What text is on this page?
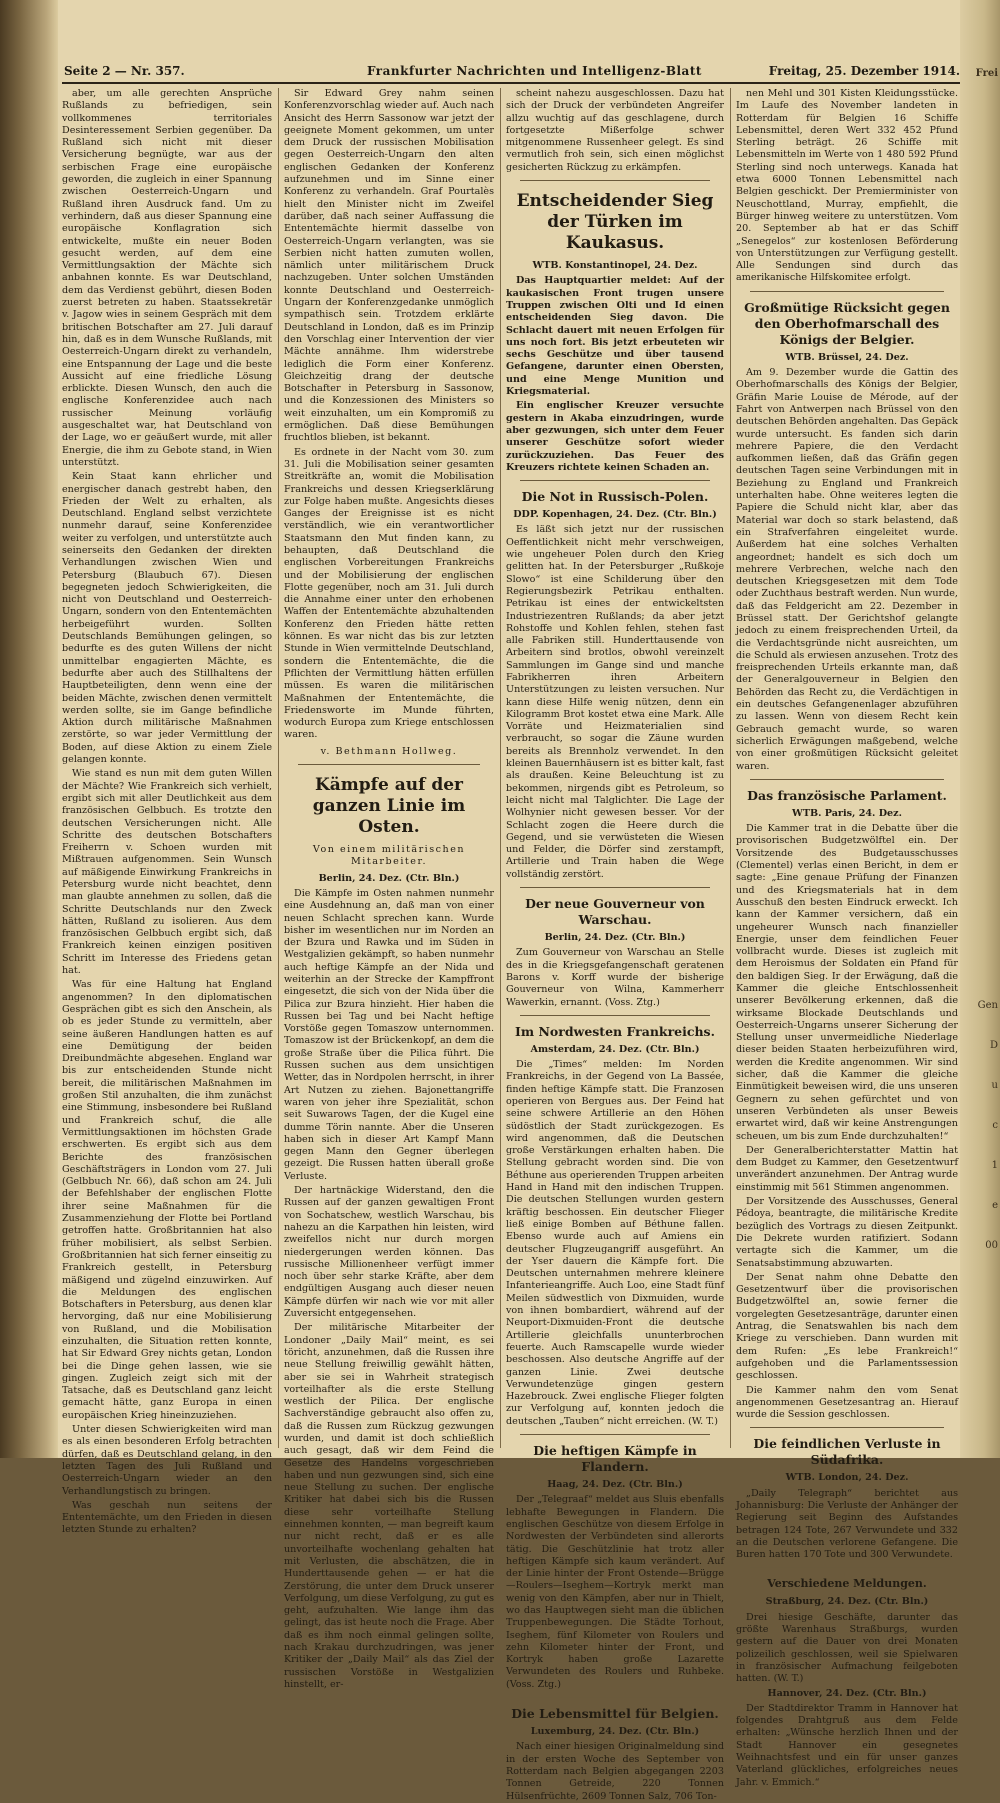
Frei
Gen
D
u
c
1
e
00
Seite 2 — Nr. 357.	Frankfurter Nachrichten und Intelligenz-Blatt	Freitag, 25. Dezember 1914.

aber, um alle gerechten Ansprüche Rußlands zu befriedigen, sein vollkommenes territoriales Desinteressement Serbien gegenüber. Da Rußland sich nicht mit dieser Versicherung begnügte, war aus der serbischen Frage eine europäische geworden, die zugleich in einer Spannung zwischen Oesterreich-Ungarn und Rußland ihren Ausdruck fand. Um zu verhindern, daß aus dieser Spannung eine europäische Konflagration sich entwickelte, mußte ein neuer Boden gesucht werden, auf dem eine Vermittlungsaktion der Mächte sich anbahnen konnte. Es war Deutschland, dem das Verdienst gebührt, diesen Boden zuerst betreten zu haben. Staatssekretär v. Jagow wies in seinem Gespräch mit dem britischen Botschafter am 27. Juli darauf hin, daß es in dem Wunsche Rußlands, mit Oesterreich-Ungarn direkt zu verhandeln, eine Entspannung der Lage und die beste Aussicht auf eine friedliche Lösung erblickte. Diesen Wunsch, den auch die englische Konferenzidee auch nach russischer Meinung vorläufig ausgeschaltet war, hat Deutschland von der Lage, wo er geäußert wurde, mit aller Energie, die ihm zu Gebote stand, in Wien unterstützt.

Kein Staat kann ehrlicher und energischer danach gestrebt haben, den Frieden der Welt zu erhalten, als Deutschland. England selbst verzichtete nunmehr darauf, seine Konferenzidee weiter zu verfolgen, und unterstützte auch seinerseits den Gedanken der direkten Verhandlungen zwischen Wien und Petersburg (Blaubuch 67). Diesen begegneten jedoch Schwierigkeiten, die nicht von Deutschland und Oesterreich-Ungarn, sondern von den Ententemächten herbeigeführt wurden. Sollten Deutschlands Bemühungen gelingen, so bedurfte es des guten Willens der nicht unmittelbar engagierten Mächte, es bedurfte aber auch des Stillhaltens der Hauptbeteiligten, denn wenn eine der beiden Mächte, zwischen denen vermittelt werden sollte, sie im Gange befindliche Aktion durch militärische Maßnahmen zerstörte, so war jeder Vermittlung der Boden, auf diese Aktion zu einem Ziele gelangen konnte.

Wie stand es nun mit dem guten Willen der Mächte? Wie Frankreich sich verhielt, ergibt sich mit aller Deutlichkeit aus dem französischen Gelbbuch. Es trotzte den deutschen Versicherungen nicht. Alle Schritte des deutschen Botschafters Freiherrn v. Schoen wurden mit Mißtrauen aufgenommen. Sein Wunsch auf mäßigende Einwirkung Frankreichs in Petersburg wurde nicht beachtet, denn man glaubte annehmen zu sollen, daß die Schritte Deutschlands nur den Zweck hätten, Rußland zu isolieren. Aus dem französischen Gelbbuch ergibt sich, daß Frankreich keinen einzigen positiven Schritt im Interesse des Friedens getan hat.

Was für eine Haltung hat England angenommen? In den diplomatischen Gesprächen gibt es sich den Anschein, als ob es jeder Stunde zu vermitteln, aber seine äußeren Handlungen hatten es auf eine Demütigung der beiden Dreibundmächte abgesehen. England war bis zur entscheidenden Stunde nicht bereit, die militärischen Maßnahmen im großen Stil anzuhalten, die ihm zunächst eine Stimmung, insbesondere bei Rußland und Frankreich schuf, die alle Vermittlungsaktionen im höchsten Grade erschwerten. Es ergibt sich aus dem Berichte des französischen Geschäftsträgers in London vom 27. Juli (Gelbbuch Nr. 66), daß schon am 24. Juli der Befehlshaber der englischen Flotte ihrer seine Maßnahmen für die Zusammenziehung der Flotte bei Portland getroffen hatte. Großbritannien hat also früher mobilisiert, als selbst Serbien. Großbritannien hat sich ferner einseitig zu Frankreich gestellt, in Petersburg mäßigend und zügelnd einzuwirken. Auf die Meldungen des englischen Botschafters in Petersburg, aus denen klar hervorging, daß nur eine Mobilisierung von Rußland, und die Mobilisation einzuhalten, die Situation retten konnte, hat Sir Edward Grey nichts getan, London bei die Dinge gehen lassen, wie sie gingen. Zugleich zeigt sich mit der Tatsache, daß es Deutschland ganz leicht gemacht hätte, ganz Europa in einen europäischen Krieg hineinzuziehen.

Unter diesen Schwierigkeiten wird man es als einen besonderen Erfolg betrachten dürfen, daß es Deutschland gelang, in den letzten Tagen des Juli Rußland und Oesterreich-Ungarn wieder an den Verhandlungstisch zu bringen.

Was geschah nun seitens der Ententemächte, um den Frieden in diesen letzten Stunde zu erhalten?

Sir Edward Grey nahm seinen Konferenzvorschlag wieder auf. Auch nach Ansicht des Herrn Sassonow war jetzt der geeignete Moment gekommen, um unter dem Druck der russischen Mobilisation gegen Oesterreich-Ungarn den alten englischen Gedanken der Konferenz aufzunehmen und im Sinne einer Konferenz zu verhandeln. Graf Pourtalès hielt den Minister nicht im Zweifel darüber, daß nach seiner Auffassung die Ententemächte hiermit dasselbe von Oesterreich-Ungarn verlangten, was sie Serbien nicht hatten zumuten wollen, nämlich unter militärischem Druck nachzugeben. Unter solchen Umständen konnte Deutschland und Oesterreich-Ungarn der Konferenzgedanke unmöglich sympathisch sein. Trotzdem erklärte Deutschland in London, daß es im Prinzip den Vorschlag einer Intervention der vier Mächte annähme. Ihm widerstrebe lediglich die Form einer Konferenz. Gleichzeitig drang der deutsche Botschafter in Petersburg in Sassonow, und die Konzessionen des Ministers so weit einzuhalten, um ein Kompromiß zu ermöglichen. Daß diese Bemühungen fruchtlos blieben, ist bekannt.

Es ordnete in der Nacht vom 30. zum 31. Juli die Mobilisation seiner gesamten Streitkräfte an, womit die Mobilisation Frankreichs und dessen Kriegserklärung zur Folge haben mußte. Angesichts dieses Ganges der Ereignisse ist es nicht verständlich, wie ein verantwortlicher Staatsmann den Mut finden kann, zu behaupten, daß Deutschland die englischen Vorbereitungen Frankreichs und der Mobilisierung der englischen Flotte gegenüber, noch am 31. Juli durch die Annahme einer unter den erhobenen Waffen der Ententemächte abzuhaltenden Konferenz den Frieden hätte retten können. Es war nicht das bis zur letzten Stunde in Wien vermittelnde Deutschland, sondern die Ententemächte, die die Pflichten der Vermittlung hätten erfüllen müssen. Es waren die militärischen Maßnahmen der Ententemächte, die Friedensworte im Munde führten, wodurch Europa zum Kriege entschlossen waren.

v. Bethmann Hollweg.

Kämpfe auf der ganzen Linie im Osten.

Von einem militärischen Mitarbeiter.

Berlin, 24. Dez. (Ctr. Bln.)

Die Kämpfe im Osten nahmen nunmehr eine Ausdehnung an, daß man von einer neuen Schlacht sprechen kann. Wurde bisher im wesentlichen nur im Norden an der Bzura und Rawka und im Süden in Westgalizien gekämpft, so haben nunmehr auch heftige Kämpfe an der Nida und weiterhin an der Strecke der Kampffront eingesetzt, die sich von der Nida über die Pilica zur Bzura hinzieht. Hier haben die Russen bei Tag und bei Nacht heftige Vorstöße gegen Tomaszow unternommen. Tomaszow ist der Brückenkopf, an dem die große Straße über die Pilica führt. Die Russen suchen aus dem unsichtigen Wetter, das in Nordpolen herrscht, in ihrer Art Nutzen zu ziehen. Bajonettangriffe waren von jeher ihre Spezialität, schon seit Suwarows Tagen, der die Kugel eine dumme Törin nannte. Aber die Unseren haben sich in dieser Art Kampf Mann gegen Mann den Gegner überlegen gezeigt. Die Russen hatten überall große Verluste.

Der hartnäckige Widerstand, den die Russen auf der ganzen gewaltigen Front von Sochatschew, westlich Warschau, bis nahezu an die Karpathen hin leisten, wird zweifellos nicht nur durch morgen niedergerungen werden können. Das russische Millionenheer verfügt immer noch über sehr starke Kräfte, aber dem endgültigen Ausgang auch dieser neuen Kämpfe dürfen wir nach wie vor mit aller Zuversicht entgegensehen.

Der militärische Mitarbeiter der Londoner „Daily Mail“ meint, es sei töricht, anzunehmen, daß die Russen ihre neue Stellung freiwillig gewählt hätten, aber sie sei in Wahrheit strategisch vorteilhafter als die erste Stellung westlich der Pilica. Der englische Sachverständige gebraucht also offen zu, daß die Russen zum Rückzug gezwungen wurden, und damit ist doch schließlich auch gesagt, daß wir dem Feind die Gesetze des Handelns vorgeschrieben haben und nun gezwungen sind, sich eine neue Stellung zu suchen. Der englische Kritiker hat dabei sich bis die Russen diese sehr vorteilhafte Stellung einnehmen konnten, — man begreift kaum nur nicht recht, daß er es alle unvorteilhafte wochenlang gehalten hat mit Verlusten, die abschätzen, die in Hunderttausende gehen — er hat die Zerstörung, die unter dem Druck unserer Verfolgung, um diese Verfolgung, zu gut es geht, aufzuhalten. Wie lange ihm das gelingt, das ist heute noch die Frage. Aber daß es ihm noch einmal gelingen sollte, nach Krakau durchzudringen, was jener Kritiker der „Daily Mail“ als das Ziel der russischen Vorstöße in Westgalizien hinstellt, er-

scheint nahezu ausgeschlossen. Dazu hat sich der Druck der verbündeten Angreifer allzu wuchtig auf das geschlagene, durch fortgesetzte Mißerfolge schwer mitgenommene Russenheer gelegt. Es sind vermutlich froh sein, sich einen möglichst gesicherten Rückzug zu erkämpfen.

Entscheidender Sieg der Türken im Kaukasus.

WTB. Konstantinopel, 24. Dez.

Das Hauptquartier meldet: Auf der kaukasischen Front trugen unsere Truppen zwischen Olti und Id einen entscheidenden Sieg davon. Die Schlacht dauert mit neuen Erfolgen für uns noch fort. Bis jetzt erbeuteten wir sechs Geschütze und über tausend Gefangene, darunter einen Obersten, und eine Menge Munition und Kriegsmaterial.

Ein englischer Kreuzer versuchte gestern in Akaba einzudringen, wurde aber gezwungen, sich unter dem Feuer unserer Geschütze sofort wieder zurückzuziehen. Das Feuer des Kreuzers richtete keinen Schaden an.

Die Not in Russisch-Polen.

DDP. Kopenhagen, 24. Dez. (Ctr. Bln.)

Es läßt sich jetzt nur der russischen Oeffentlichkeit nicht mehr verschweigen, wie ungeheuer Polen durch den Krieg gelitten hat. In der Petersburger „Rußkoje Slowo“ ist eine Schilderung über den Regierungsbezirk Petrikau enthalten. Petrikau ist eines der entwickeltsten Industriezentren Rußlands; da aber jetzt Rohstoffe und Kohlen fehlen, stehen fast alle Fabriken still. Hunderttausende von Arbeitern sind brotlos, obwohl vereinzelt Sammlungen im Gange sind und manche Fabrikherren ihren Arbeitern Unterstützungen zu leisten versuchen. Nur kann diese Hilfe wenig nützen, denn ein Kilogramm Brot kostet etwa eine Mark. Alle Vorräte und Heizmaterialien sind verbraucht, so sogar die Zäune wurden bereits als Brennholz verwendet. In den kleinen Bauernhäusern ist es bitter kalt, fast als draußen. Keine Beleuchtung ist zu bekommen, nirgends gibt es Petroleum, so leicht nicht mal Talglichter. Die Lage der Wolhynier nicht gewesen besser. Vor der Schlacht zogen die Heere durch die Gegend, und sie verwüsteten die Wiesen und Felder, die Dörfer sind zerstampft, Artillerie und Train haben die Wege vollständig zerstört.

Der neue Gouverneur von Warschau.

Berlin, 24. Dez. (Ctr. Bln.)

Zum Gouverneur von Warschau an Stelle des in die Kriegsgefangenschaft geratenen Barons v. Korff wurde der bisherige Gouverneur von Wilna, Kammerherr Wawerkin, ernannt. (Voss. Ztg.)

Im Nordwesten Frankreichs.

Amsterdam, 24. Dez. (Ctr. Bln.)

Die „Times“ melden: Im Norden Frankreichs, in der Gegend von La Bassée, finden heftige Kämpfe statt. Die Franzosen operieren von Bergues aus. Der Feind hat seine schwere Artillerie an den Höhen südöstlich der Stadt zurückgezogen. Es wird angenommen, daß die Deutschen große Verstärkungen erhalten haben. Die Stellung gebracht worden sind. Die von Béthune aus operierenden Truppen arbeiten Hand in Hand mit den indischen Truppen. Die deutschen Stellungen wurden gestern kräftig beschossen. Ein deutscher Flieger ließ einige Bomben auf Béthune fallen. Ebenso wurde auch auf Amiens ein deutscher Flugzeugangriff ausgeführt. An der Yser dauern die Kämpfe fort. Die Deutschen unternahmen mehrere kleinere Infanterieangriffe. Auch Loo, eine Stadt fünf Meilen südwestlich von Dixmuiden, wurde von ihnen bombardiert, während auf der Neuport-Dixmuiden-Front die deutsche Artillerie gleichfalls ununterbrochen feuerte. Auch Ramscapelle wurde wieder beschossen. Also deutsche Angriffe auf der ganzen Linie. Zwei deutsche Verwundetenzüge gingen gestern Hazebrouck. Zwei englische Flieger folgten zur Verfolgung auf, konnten jedoch die deutschen „Tauben“ nicht erreichen. (W. T.)

Die heftigen Kämpfe in Flandern.

Haag, 24. Dez. (Ctr. Bln.)

Der „Telegraaf“ meldet aus Sluis ebenfalls lebhafte Bewegungen in Flandern. Die englischen Geschütze von diesem Erfolge in Nordwesten der Verbündeten sind allerorts tätig. Die Geschützlinie hat trotz aller heftigen Kämpfe sich kaum verändert. Auf der Linie hinter der Front Ostende—Brügge—Roulers—Iseghem—Kortryk merkt man wenig von den Kämpfen, aber nur in Thielt, wo das Hauptwegen sieht man die üblichen Truppenbewegungen. Die Städte Torhout, Iseghem, fünf Kilometer von Roulers und zehn Kilometer hinter der Front, und Kortryk haben große Lazarette Verwundeten des Roulers und Ruhbeke. (Voss. Ztg.)

Die Lebensmittel für Belgien.

Luxemburg, 24. Dez. (Ctr. Bln.)

Nach einer hiesigen Originalmeldung sind in der ersten Woche des September von Rotterdam nach Belgien abgegangen 2203 Tonnen Getreide, 220 Tonnen Hülsenfrüchte, 2609 Tonnen Salz, 706 Ton-

nen Mehl und 301 Kisten Kleidungsstücke. Im Laufe des November landeten in Rotterdam für Belgien 16 Schiffe Lebensmittel, deren Wert 332 452 Pfund Sterling beträgt. 26 Schiffe mit Lebensmitteln im Werte von 1 480 592 Pfund Sterling sind noch unterwegs. Kanada hat etwa 6000 Tonnen Lebensmittel nach Belgien geschickt. Der Premierminister von Neuschottland, Murray, empfiehlt, die Bürger hinweg weitere zu unterstützen. Vom 20. September ab hat er das Schiff „Senegelos“ zur kostenlosen Beförderung von Unterstützungen zur Verfügung gestellt. Alle Sendungen sind durch das amerikanische Hilfskomitee erfolgt.

Großmütige Rücksicht gegen den Oberhofmarschall des Königs der Belgier.

WTB. Brüssel, 24. Dez.

Am 9. Dezember wurde die Gattin des Oberhofmarschalls des Königs der Belgier, Gräfin Marie Louise de Mérode, auf der Fahrt von Antwerpen nach Brüssel von den deutschen Behörden angehalten. Das Gepäck wurde untersucht. Es fanden sich darin mehrere Papiere, die den Verdacht aufkommen ließen, daß das Gräfin gegen deutschen Tagen seine Verbindungen mit in Beziehung zu England und Frankreich unterhalten habe. Ohne weiteres legten die Papiere die Schuld nicht klar, aber das Material war doch so stark belastend, daß ein Strafverfahren eingeleitet wurde. Außerdem hat eine solches Verhalten angeordnet; handelt es sich doch um mehrere Verbrechen, welche nach den deutschen Kriegsgesetzen mit dem Tode oder Zuchthaus bestraft werden. Nun wurde, daß das Feldgericht am 22. Dezember in Brüssel statt. Der Gerichtshof gelangte jedoch zu einem freisprechenden Urteil, da die Verdachtsgründe nicht ausreichten, um die Schuld als erwiesen anzusehen. Trotz des freisprechenden Urteils erkannte man, daß der Generalgouverneur in Belgien den Behörden das Recht zu, die Verdächtigen in ein deutsches Gefangenenlager abzuführen zu lassen. Wenn von diesem Recht kein Gebrauch gemacht wurde, so waren sicherlich Erwägungen maßgebend, welche von einer großmütigen Rücksicht geleitet waren.

Das französische Parlament.

WTB. Paris, 24. Dez.

Die Kammer trat in die Debatte über die provisorischen Budgetzwölftel ein. Der Vorsitzende des Budgetausschusses (Clementel) verlas einen Bericht, in dem er sagte: „Eine genaue Prüfung der Finanzen und des Kriegsmaterials hat in dem Ausschuß den besten Eindruck erweckt. Ich kann der Kammer versichern, daß ein ungeheurer Wunsch nach finanzieller Energie, unser dem feindlichen Feuer vollbracht wurde. Dieses ist zugleich mit dem Heroismus der Soldaten ein Pfand für den baldigen Sieg. Ir der Erwägung, daß die Kammer die gleiche Entschlossenheit unserer Bevölkerung erkennen, daß die wirksame Blockade Deutschlands und Oesterreich-Ungarns unserer Sicherung der Stellung unser unvermeidliche Niederlage dieser beiden Staaten herbeizuführen wird, werden die Kredite angenommen. Wir sind sicher, daß die Kammer die gleiche Einmütigkeit beweisen wird, die uns unseren Gegnern zu sehen gefürchtet und von unseren Verbündeten als unser Beweis erwartet wird, daß wir keine Anstrengungen scheuen, um bis zum Ende durchzuhalten!“

Der Generalberichterstatter Mattin hat dem Budget zu Kammer, den Gesetzentwurf unverändert anzunehmen. Der Antrag wurde einstimmig mit 561 Stimmen angenommen.

Der Vorsitzende des Ausschusses, General Pédoya, beantragte, die militärische Kredite bezüglich des Vortrags zu diesen Zeitpunkt. Die Dekrete wurden ratifiziert. Sodann vertagte sich die Kammer, um die Senatsabstimmung abzuwarten.

Der Senat nahm ohne Debatte den Gesetzentwurf über die provisorischen Budgetzwölftel an, sowie ferner die vorgelegten Gesetzesanträge, darunter einen Antrag, die Senatswahlen bis nach dem Kriege zu verschieben. Dann wurden mit dem Rufen: „Es lebe Frankreich!“ aufgehoben und die Parlamentssession geschlossen.

Die Kammer nahm den vom Senat angenommenen Gesetzesantrag an. Hierauf wurde die Session geschlossen.

Die feindlichen Verluste in Südafrika.

WTB. London, 24. Dez.

„Daily Telegraph“ berichtet aus Johannisburg: Die Verluste der Anhänger der Regierung seit Beginn des Aufstandes betragen 124 Tote, 267 Verwundete und 332 an die Deutschen verlorene Gefangene. Die Buren hatten 170 Tote und 300 Verwundete.

Verschiedene Meldungen.

Straßburg, 24. Dez. (Ctr. Bln.)

Drei hiesige Geschäfte, darunter das größte Warenhaus Straßburgs, wurden gestern auf die Dauer von drei Monaten polizeilich geschlossen, weil sie Spielwaren in französischer Aufmachung feilgeboten hatten. (W. T.)

Hannover, 24. Dez. (Ctr. Bln.)

Der Stadtdirektor Tramm in Hannover hat folgendes Drahtgruß aus dem Felde erhalten: „Wünsche herzlich Ihnen und der Stadt Hannover ein gesegnetes Weihnachtsfest und ein für unser ganzes Vaterland glückliches, erfolgreiches neues Jahr. v. Emmich.“
